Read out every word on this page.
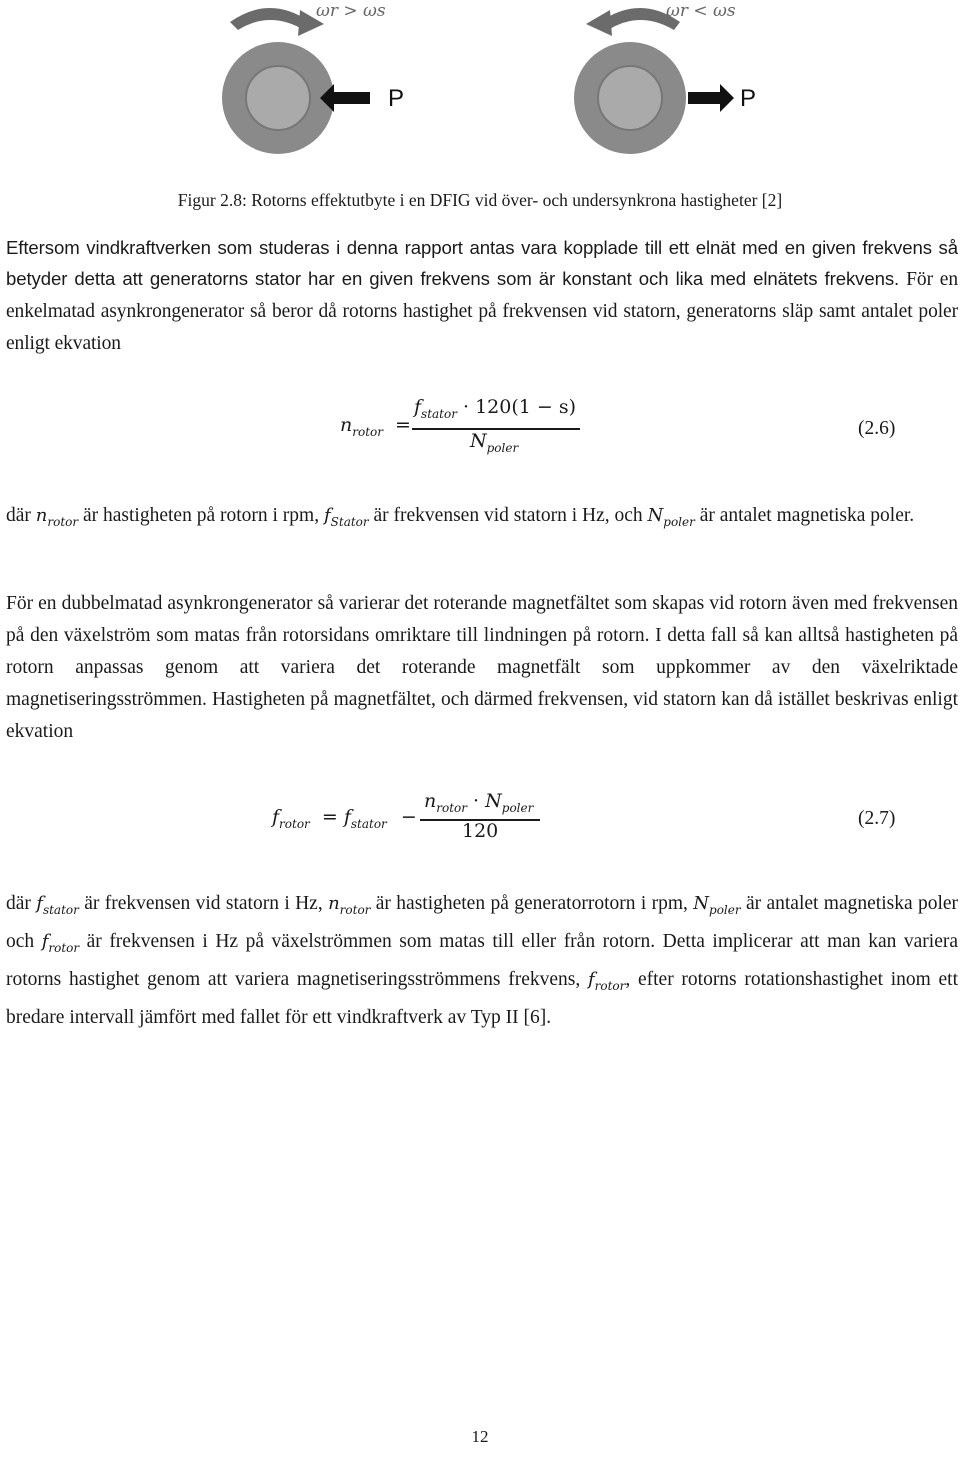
ωr > ωs
P
ωr < ωs
P
Figur 2.8: Rotorns effektutbyte i en DFIG vid över- och undersynkrona hastigheter [2]
Eftersom vindkraftverken som studeras i denna rapport antas vara kopplade till ett elnät med en given frekvens så betyder detta att generatorns stator har en given frekvens som är konstant och lika med elnätets frekvens. För en enkelmatad asynkrongenerator så beror då rotorns hastighet på frekvensen vid statorn, generatorns släp samt antalet poler enligt ekvation
$n_{rotor}$ =
$f_{stator} \cdot 120(1 - s)$
$N_{poler}$
(2.6)
där $n_{rotor}$ är hastigheten på rotorn i rpm, $f_{Stator}$ är frekvensen vid statorn i Hz, och $N_{poler}$ är antalet magnetiska poler.
För en dubbelmatad asynkrongenerator så varierar det roterande magnetfältet som skapas vid rotorn även med frekvensen på den växelström som matas från rotorsidans omriktare till lindningen på rotorn. I detta fall så kan alltså hastigheten på rotorn anpassas genom att variera det roterande magnetfält som uppkommer av den växelriktade magnetiseringsströmmen. Hastigheten på magnetfältet, och därmed frekvensen, vid statorn kan då istället beskrivas enligt ekvation
$f_{rotor} = f_{stator}$ −
$n_{rotor} \cdot N_{poler}$
120
(2.7)
där $f_{stator}$ är frekvensen vid statorn i Hz, $n_{rotor}$ är hastigheten på generatorrotorn i rpm, $N_{poler}$ är antalet magnetiska poler och $f_{rotor}$ är frekvensen i Hz på växelströmmen som matas till eller från rotorn. Detta implicerar att man kan variera rotorns hastighet genom att variera magnetiseringsströmmens frekvens, $f_{rotor}$, efter rotorns rotationshastighet inom ett bredare intervall jämfört med fallet för ett vindkraftverk av Typ II [6].
12
